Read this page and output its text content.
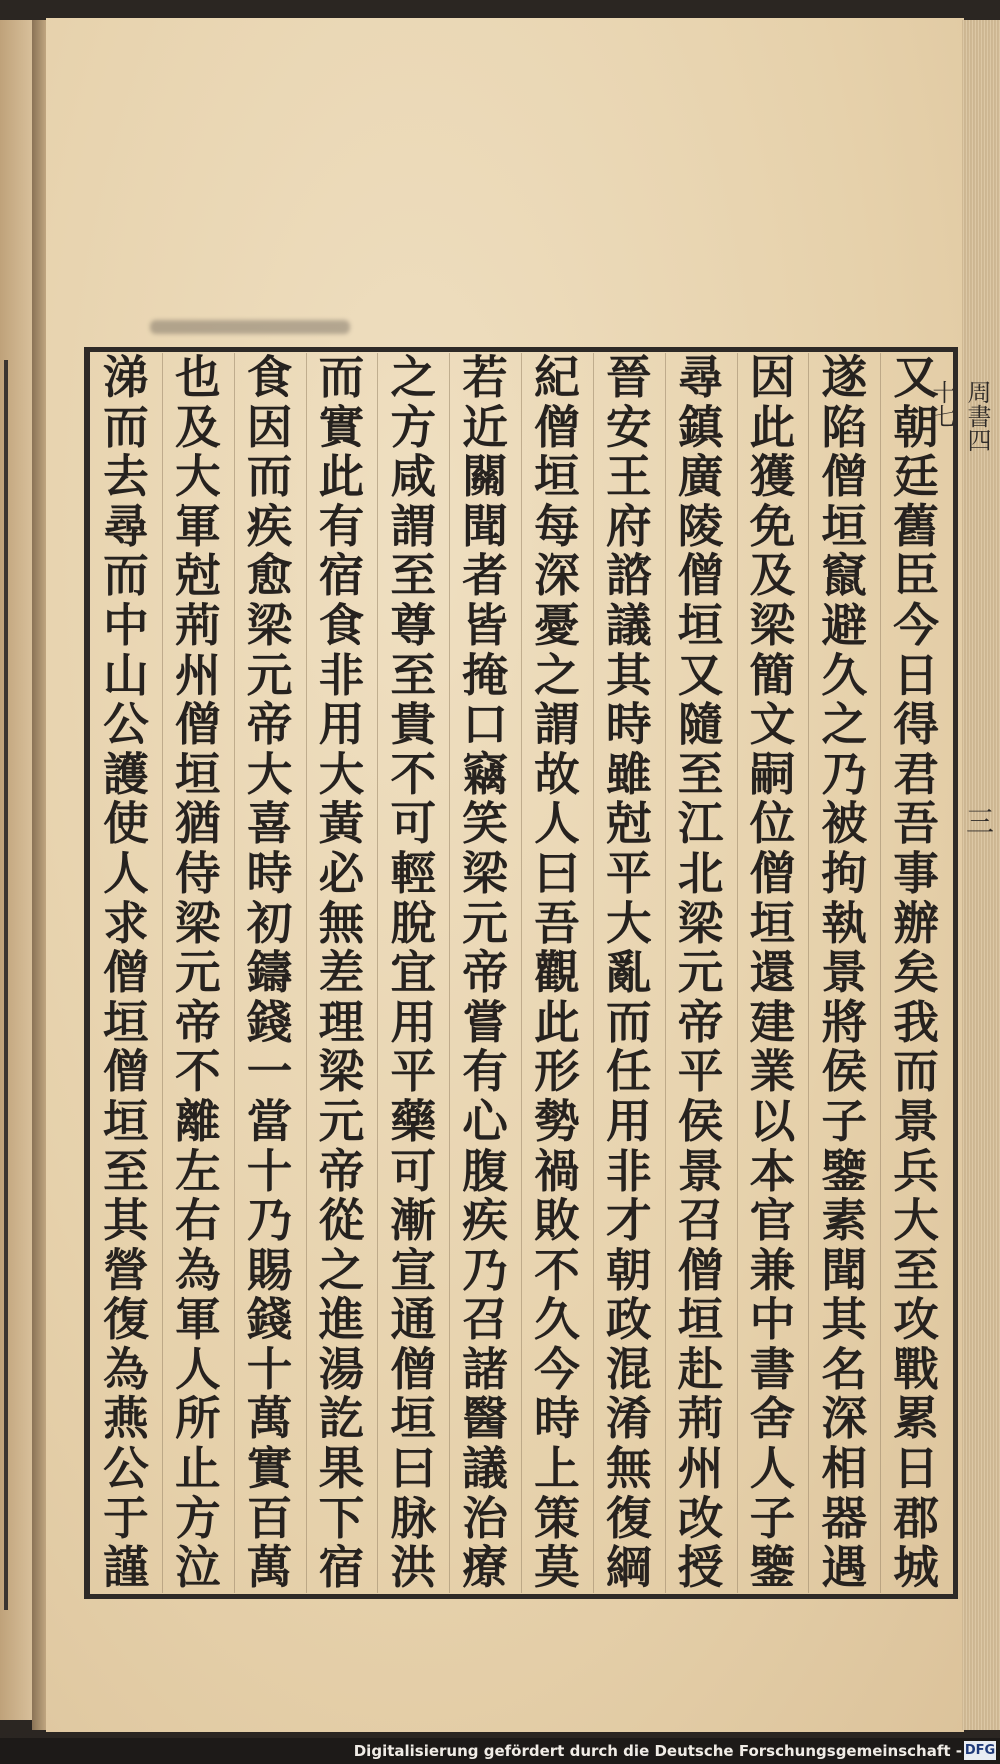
又
朝
廷
舊
臣
今
日
得
君
吾
事
辦
矣
我
而
景
兵
大
至
攻
戰
累
日
郡
城
遂
陷
僧
垣
竄
避
久
之
乃
被
拘
執
景
將
侯
子
鑒
素
聞
其
名
深
相
器
遇
因
此
獲
免
及
梁
簡
文
嗣
位
僧
垣
還
建
業
以
本
官
兼
中
書
舍
人
子
鑒
尋
鎮
廣
陵
僧
垣
又
隨
至
江
北
梁
元
帝
平
侯
景
召
僧
垣
赴
荊
州
改
授
晉
安
王
府
諮
議
其
時
雖
尅
平
大
亂
而
任
用
非
才
朝
政
混
淆
無
復
綱
紀
僧
垣
每
深
憂
之
謂
故
人
曰
吾
觀
此
形
勢
禍
敗
不
久
今
時
上
策
莫
若
近
關
聞
者
皆
掩
口
竊
笑
梁
元
帝
嘗
有
心
腹
疾
乃
召
諸
醫
議
治
療
之
方
咸
謂
至
尊
至
貴
不
可
輕
脫
宜
用
平
藥
可
漸
宣
通
僧
垣
曰
脉
洪
而
實
此
有
宿
食
非
用
大
黃
必
無
差
理
梁
元
帝
從
之
進
湯
訖
果
下
宿
食
因
而
疾
愈
梁
元
帝
大
喜
時
初
鑄
錢
一
當
十
乃
賜
錢
十
萬
實
百
萬
也
及
大
軍
尅
荊
州
僧
垣
猶
侍
梁
元
帝
不
離
左
右
為
軍
人
所
止
方
泣
涕
而
去
尋
而
中
山
公
護
使
人
求
僧
垣
僧
垣
至
其
營
復
為
燕
公
于
謹
周書四十七
三
Digitalisierung gefördert durch die Deutsche Forschungsgemeinschaft - DFG
